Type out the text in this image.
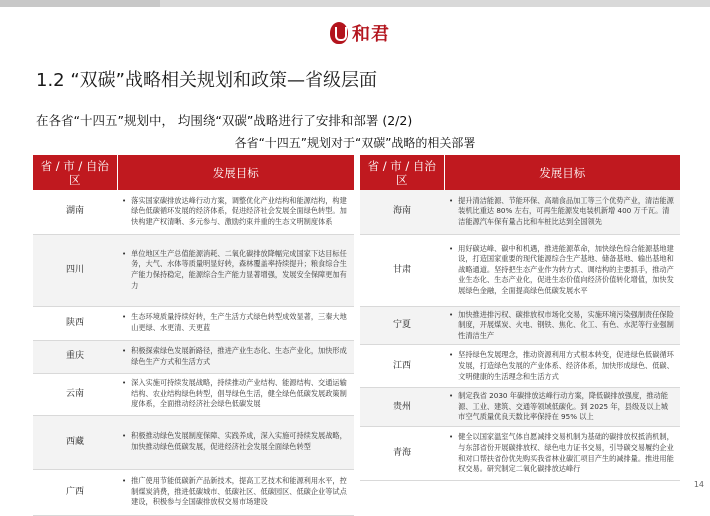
和君
1.2 “双碳”战略相关规划和政策—省级层面
在各省“十四五”规划中， 均围绕“双碳”战略进行了安排和部署 (2/2)
各省“十四五”规划对于“双碳”战略的相关部署
省 / 市 / 自治区	发展目标
湖南	• 落实国家碳排放达峰行动方案，调整优化产业结构和能源结构，构建绿色低碳循环发展的经济体系，促进经济社会发展全面绿色转型。加快构建产权清晰、多元参与、激励约束并重的生态文明制度体系

四川	• 单位地区生产总值能源消耗、二氧化碳排放降幅完成国家下达目标任务，大气、水体等质量明显好转，森林覆盖率持续提升；粮食综合生产能力保持稳定，能源综合生产能力显著增强，发展安全保障更加有力

陕西	• 生态环境质量持续好转，生产生活方式绿色转型成效显著，三秦大地山更绿、水更清、天更蓝

重庆	• 积极探索绿色发展新路径，推进产业生态化、生态产业化，加快形成绿色生产方式和生活方式

云南	• 深入实施可持续发展战略，持续推动产业结构、能源结构、交通运输结构、农业结构绿色转型，倡导绿色生活，健全绿色低碳发展政策制度体系，全面推动经济社会绿色低碳发展

西藏	• 积极推动绿色发展制度保障、实践养成，深入实施可持续发展战略，加快推动绿色低碳发展，促进经济社会发展全面绿色转型

广西	• 推广使用节能低碳新产品新技术，提高工艺技术和能源利用水平，控制煤炭消费，推进低碳城市、低碳社区、低碳园区、低碳企业等试点建设，积极参与全国碳排放权交易市场建设
省 / 市 / 自治区	发展目标
海南	• 提升清洁能源、节能环保、高端食品加工等三个优势产业，清洁能源装机比重达 80% 左右，可再生能源发电装机新增 400 万千瓦。清洁能源汽车保有量占比和车桩比达到全国领先

甘肃	• 用好碳达峰、碳中和机遇，推进能源革命，加快绿色综合能源基地建设，打造国家重要的现代能源综合生产基地、储备基地、输出基地和战略通道。坚持把生态产业作为转方式、调结构的主要抓手，推动产业生态化、生态产业化，促进生态价值向经济价值转化增值，加快发展绿色金融，全面提高绿色低碳发展水平

宁夏	• 加快推进排污权、碳排放权市场化交易，实施环境污染强制责任保险制度，开展煤炭、火电、钢铁、焦化、化工、有色、水泥等行业强制性清洁生产

江西	• 坚持绿色发展理念，推动资源利用方式根本转变，促进绿色低碳循环发展，打造绿色发展的产业体系、经济体系，加快形成绿色、低碳、文明健康的生活理念和生活方式

贵州	• 制定我省 2030 年碳排放达峰行动方案，降低碳排放强度，推动能源、工业、建筑、交通等领域低碳化。到 2025 年，县级及以上城市空气质量优良天数比率保持在 95% 以上

青海	• 健全以国家温室气体自愿减排交易机制为基础的碳排放权抵消机制，与东部省份开展碳排放权、绿色电力证书交易，引导碳交易履约企业和对口帮扶省份优先购买我省林业碳汇项目产生的减排量。推进用能权交易。研究制定二氧化碳排放达峰行
14
